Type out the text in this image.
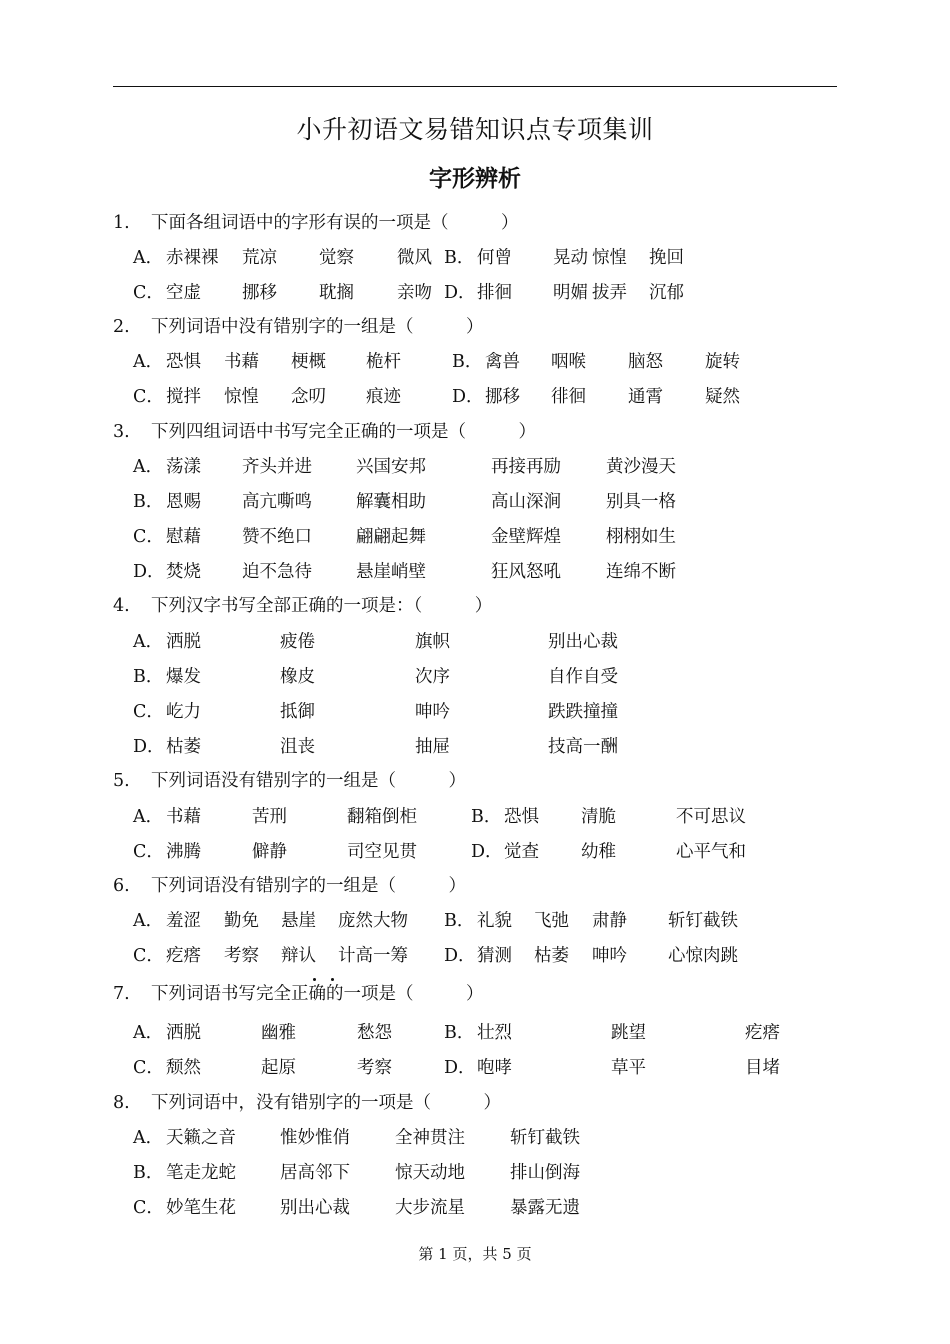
小升初语文易错知识点专项集训
字形辨析
1. 下面各组词语中的字形有误的一项是（　　　）
A． 赤裸裸 荒凉 觉察 微风 B． 何曾 晃动 惊惶 挽回
C． 空虚 挪移 耽搁 亲吻 D． 排徊 明媚 拔弄 沉郁
2. 下列词语中没有错别字的一组是（　　　）
A． 恐惧 书藉 梗概 桅杆	B． 禽兽 咽喉 脑怒 旋转
C． 搅拌 惊惶 念叨 痕迹	D． 挪移 徘徊 通霄 疑然
3. 下列四组词语中书写完全正确的一项是（　　　）
A． 荡漾 齐头并进	兴国安邦	再接再励	黄沙漫天
B． 恩赐 高亢嘶鸣	解囊相助	高山深涧	别具一格
C． 慰藉 赞不绝口	翩翩起舞	金壁辉煌	栩栩如生
D． 焚烧 迫不急待	悬崖峭壁	狂风怒吼	连绵不断
4. 下列汉字书写全部正确的一项是：（　　　）
A． 洒脱	疲倦	旗帜	别出心裁
B． 爆发	橡皮	次序	自作自受
C． 屹力	抵御	呻吟	跌跌撞撞
D． 枯萎	沮丧	抽屉	技高一酬
5. 下列词语没有错别字的一组是（　　　）
A． 书藉	苦刑	翻箱倒柜	B． 恐惧 清脆	不可思议
C． 沸腾	僻静	司空见贯	D． 觉查 幼稚	心平气和
6. 下列词语没有错别字的一组是（　　　）
A． 羞涩 勤免 悬崖 庞然大物 B． 礼貌 飞弛 肃静 斩钉截铁
C． 疙瘩 考察 辩认 计高一筹 D． 猜测 枯萎 呻吟 心惊肉跳
7. 下列词语书写完全正确的一项是（　　　）
A． 洒脱	幽雅	愁怨	B． 壮烈	跳望	疙瘩
C． 颓然	起原	考察	D． 咆哮	草平	目堵
8. 下列词语中，没有错别字的一项是（　　　）
A． 天籁之音	惟妙惟俏	全神贯注	斩钉截铁
B． 笔走龙蛇	居高邻下	惊天动地	排山倒海
C． 妙笔生花	别出心裁	大步流星	暴露无遗
第 1 页，共 5 页
